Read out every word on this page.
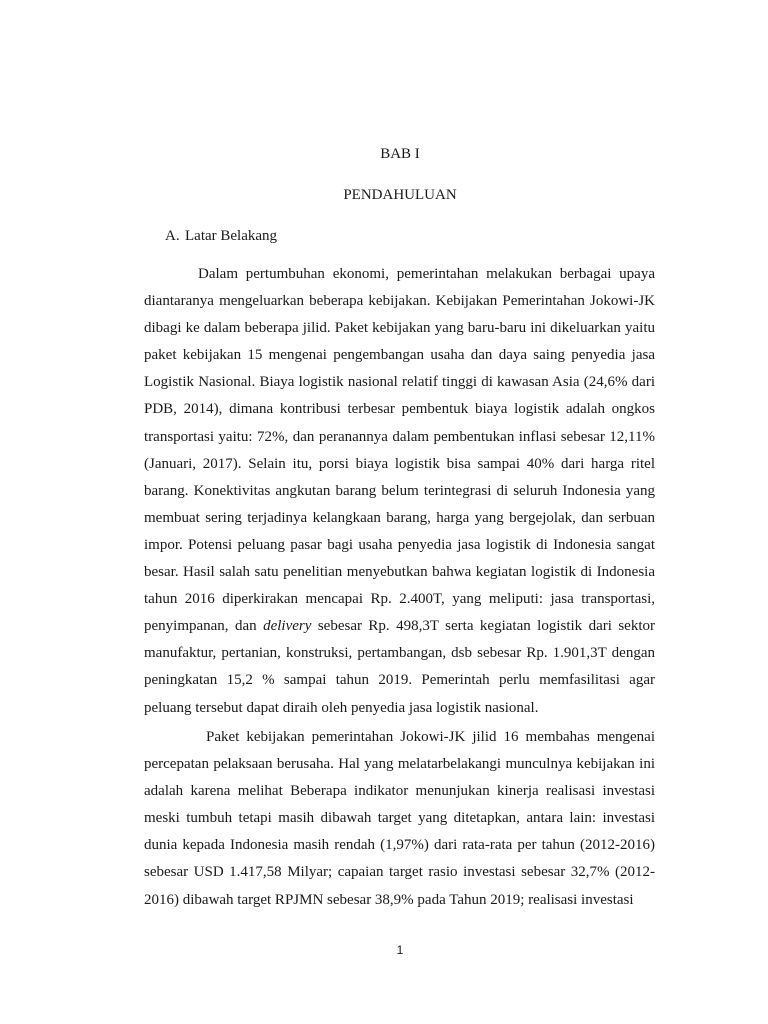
BAB I
PENDAHULUAN
A. Latar Belakang

Dalam pertumbuhan ekonomi, pemerintahan melakukan berbagai upaya diantaranya mengeluarkan beberapa kebijakan. Kebijakan Pemerintahan Jokowi-JK dibagi ke dalam beberapa jilid. Paket kebijakan yang baru-baru ini dikeluarkan yaitu paket kebijakan 15 mengenai pengembangan usaha dan daya saing penyedia jasa Logistik Nasional. Biaya logistik nasional relatif tinggi di kawasan Asia (24,6% dari PDB, 2014), dimana kontribusi terbesar pembentuk biaya logistik adalah ongkos transportasi yaitu: 72%, dan peranannya dalam pembentukan inflasi sebesar 12,11% (Januari, 2017). Selain itu, porsi biaya logistik bisa sampai 40% dari harga ritel barang. Konektivitas angkutan barang belum terintegrasi di seluruh Indonesia yang membuat sering terjadinya kelangkaan barang, harga yang bergejolak, dan serbuan impor. Potensi peluang pasar bagi usaha penyedia jasa logistik di Indonesia sangat besar. Hasil salah satu penelitian menyebutkan bahwa kegiatan logistik di Indonesia tahun 2016 diperkirakan mencapai Rp. 2.400T, yang meliputi: jasa transportasi, penyimpanan, dan delivery sebesar Rp. 498,3T serta kegiatan logistik dari sektor manufaktur, pertanian, konstruksi, pertambangan, dsb sebesar Rp. 1.901,3T dengan peningkatan 15,2 % sampai tahun 2019. Pemerintah perlu memfasilitasi agar peluang tersebut dapat diraih oleh penyedia jasa logistik nasional.

Paket kebijakan pemerintahan Jokowi-JK jilid 16 membahas mengenai percepatan pelaksaan berusaha. Hal yang melatarbelakangi munculnya kebijakan ini adalah karena melihat Beberapa indikator menunjukan kinerja realisasi investasi meski tumbuh tetapi masih dibawah target yang ditetapkan, antara lain: investasi dunia kepada Indonesia masih rendah (1,97%) dari rata-rata per tahun (2012-2016) sebesar USD 1.417,58 Milyar; capaian target rasio investasi sebesar 32,7% (2012-2016) dibawah target RPJMN sebesar 38,9% pada Tahun 2019; realisasi investasi

1
